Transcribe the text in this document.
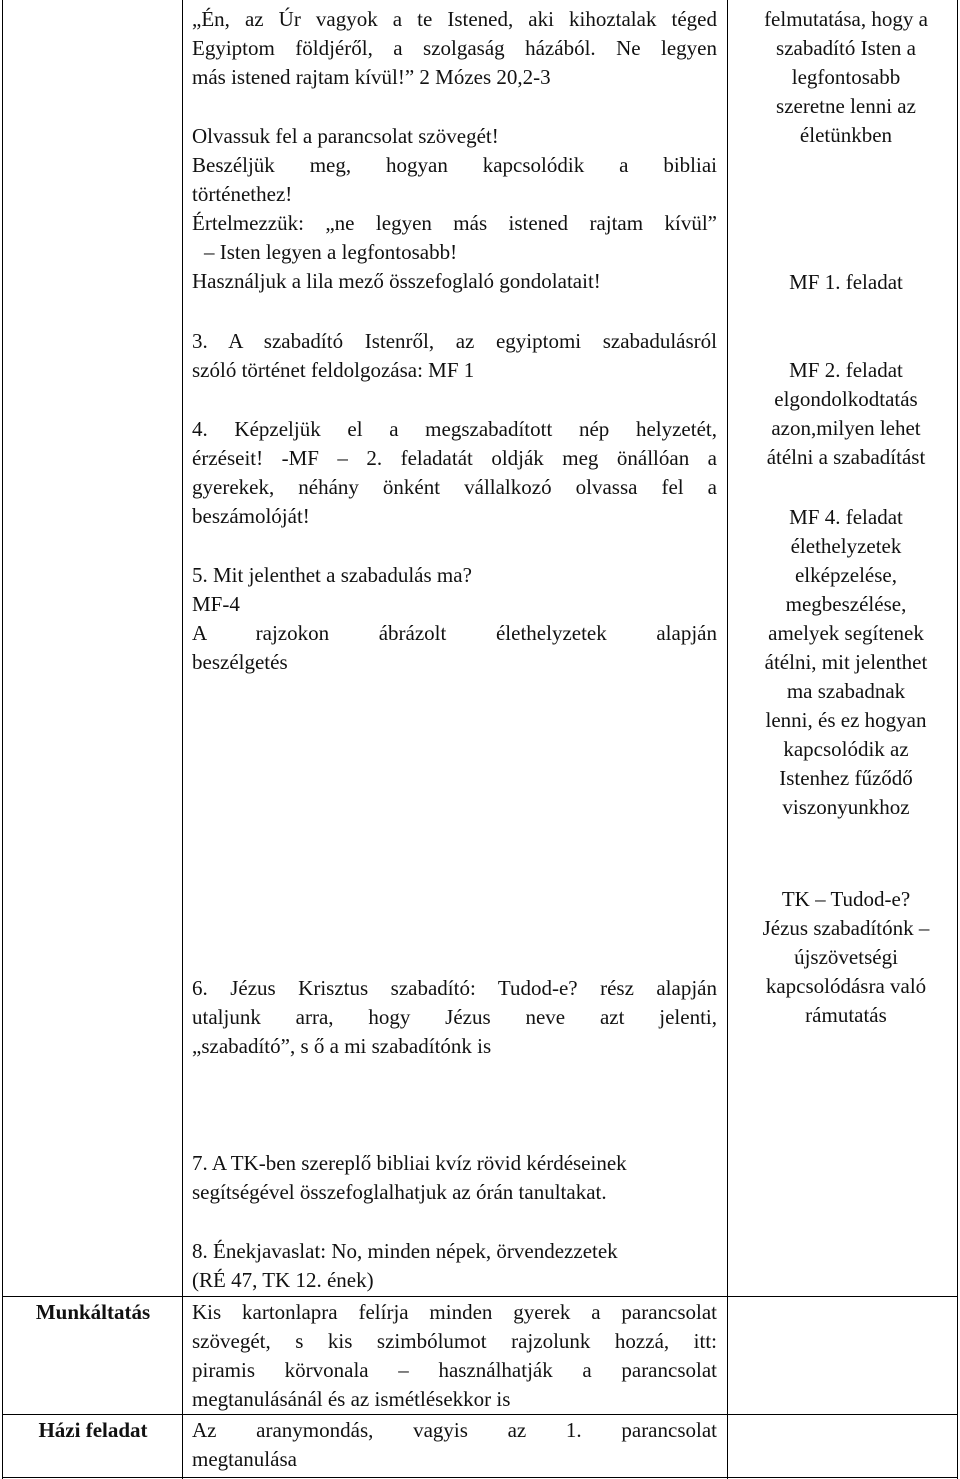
„Én, az Úr vagyok a te Istened, aki kihoztalak téged
Egyiptom földjéről, a szolgaság házából. Ne legyen
más istened rajtam kívül!” 2 Mózes 20,2-3
Olvassuk fel a parancsolat szövegét!
Beszéljük meg, hogyan kapcsolódik a bibliai
történethez!
Értelmezzük: „ne legyen más istened rajtam kívül”
– Isten legyen a legfontosabb!
Használjuk a lila mező összefoglaló gondolatait!
3. A szabadító Istenről, az egyiptomi szabadulásról
szóló történet feldolgozása: MF 1
4. Képzeljük el a megszabadított nép helyzetét,
érzéseit! -MF – 2. feladatát oldják meg önállóan a
gyerekek, néhány önként vállalkozó olvassa fel a
beszámolóját!
5. Mit jelenthet a szabadulás ma?
MF-4
A rajzokon ábrázolt élethelyzetek alapján
beszélgetés
6. Jézus Krisztus szabadító: Tudod-e? rész alapján
utaljunk arra, hogy Jézus neve azt jelenti,
„szabadító”, s ő a mi szabadítónk is
7. A TK-ben szereplő bibliai kvíz rövid kérdéseinek
segítségével összefoglalhatjuk az órán tanultakat.
8. Énekjavaslat: No, minden népek, örvendezzetek
(RÉ 47, TK 12. ének)
Kis kartonlapra felírja minden gyerek a parancsolat
szövegét, s kis szimbólumot rajzolunk hozzá, itt:
piramis körvonala – használhatják a parancsolat
megtanulásánál és az ismétlésekkor is
Az aranymondás, vagyis az 1. parancsolat
megtanulása
felmutatása, hogy a
szabadító Isten a
legfontosabb
szeretne lenni az
életünkben
MF 1. feladat
MF 2. feladat
elgondolkodtatás
azon,milyen lehet
átélni a szabadítást
MF 4. feladat
élethelyzetek
elképzelése,
megbeszélése,
amelyek segítenek
átélni, mit jelenthet
ma szabadnak
lenni, és ez hogyan
kapcsolódik az
Istenhez fűződő
viszonyunkhoz
TK – Tudod-e?
Jézus szabadítónk –
újszövetségi
kapcsolódásra való
rámutatás
Munkáltatás
Házi feladat
